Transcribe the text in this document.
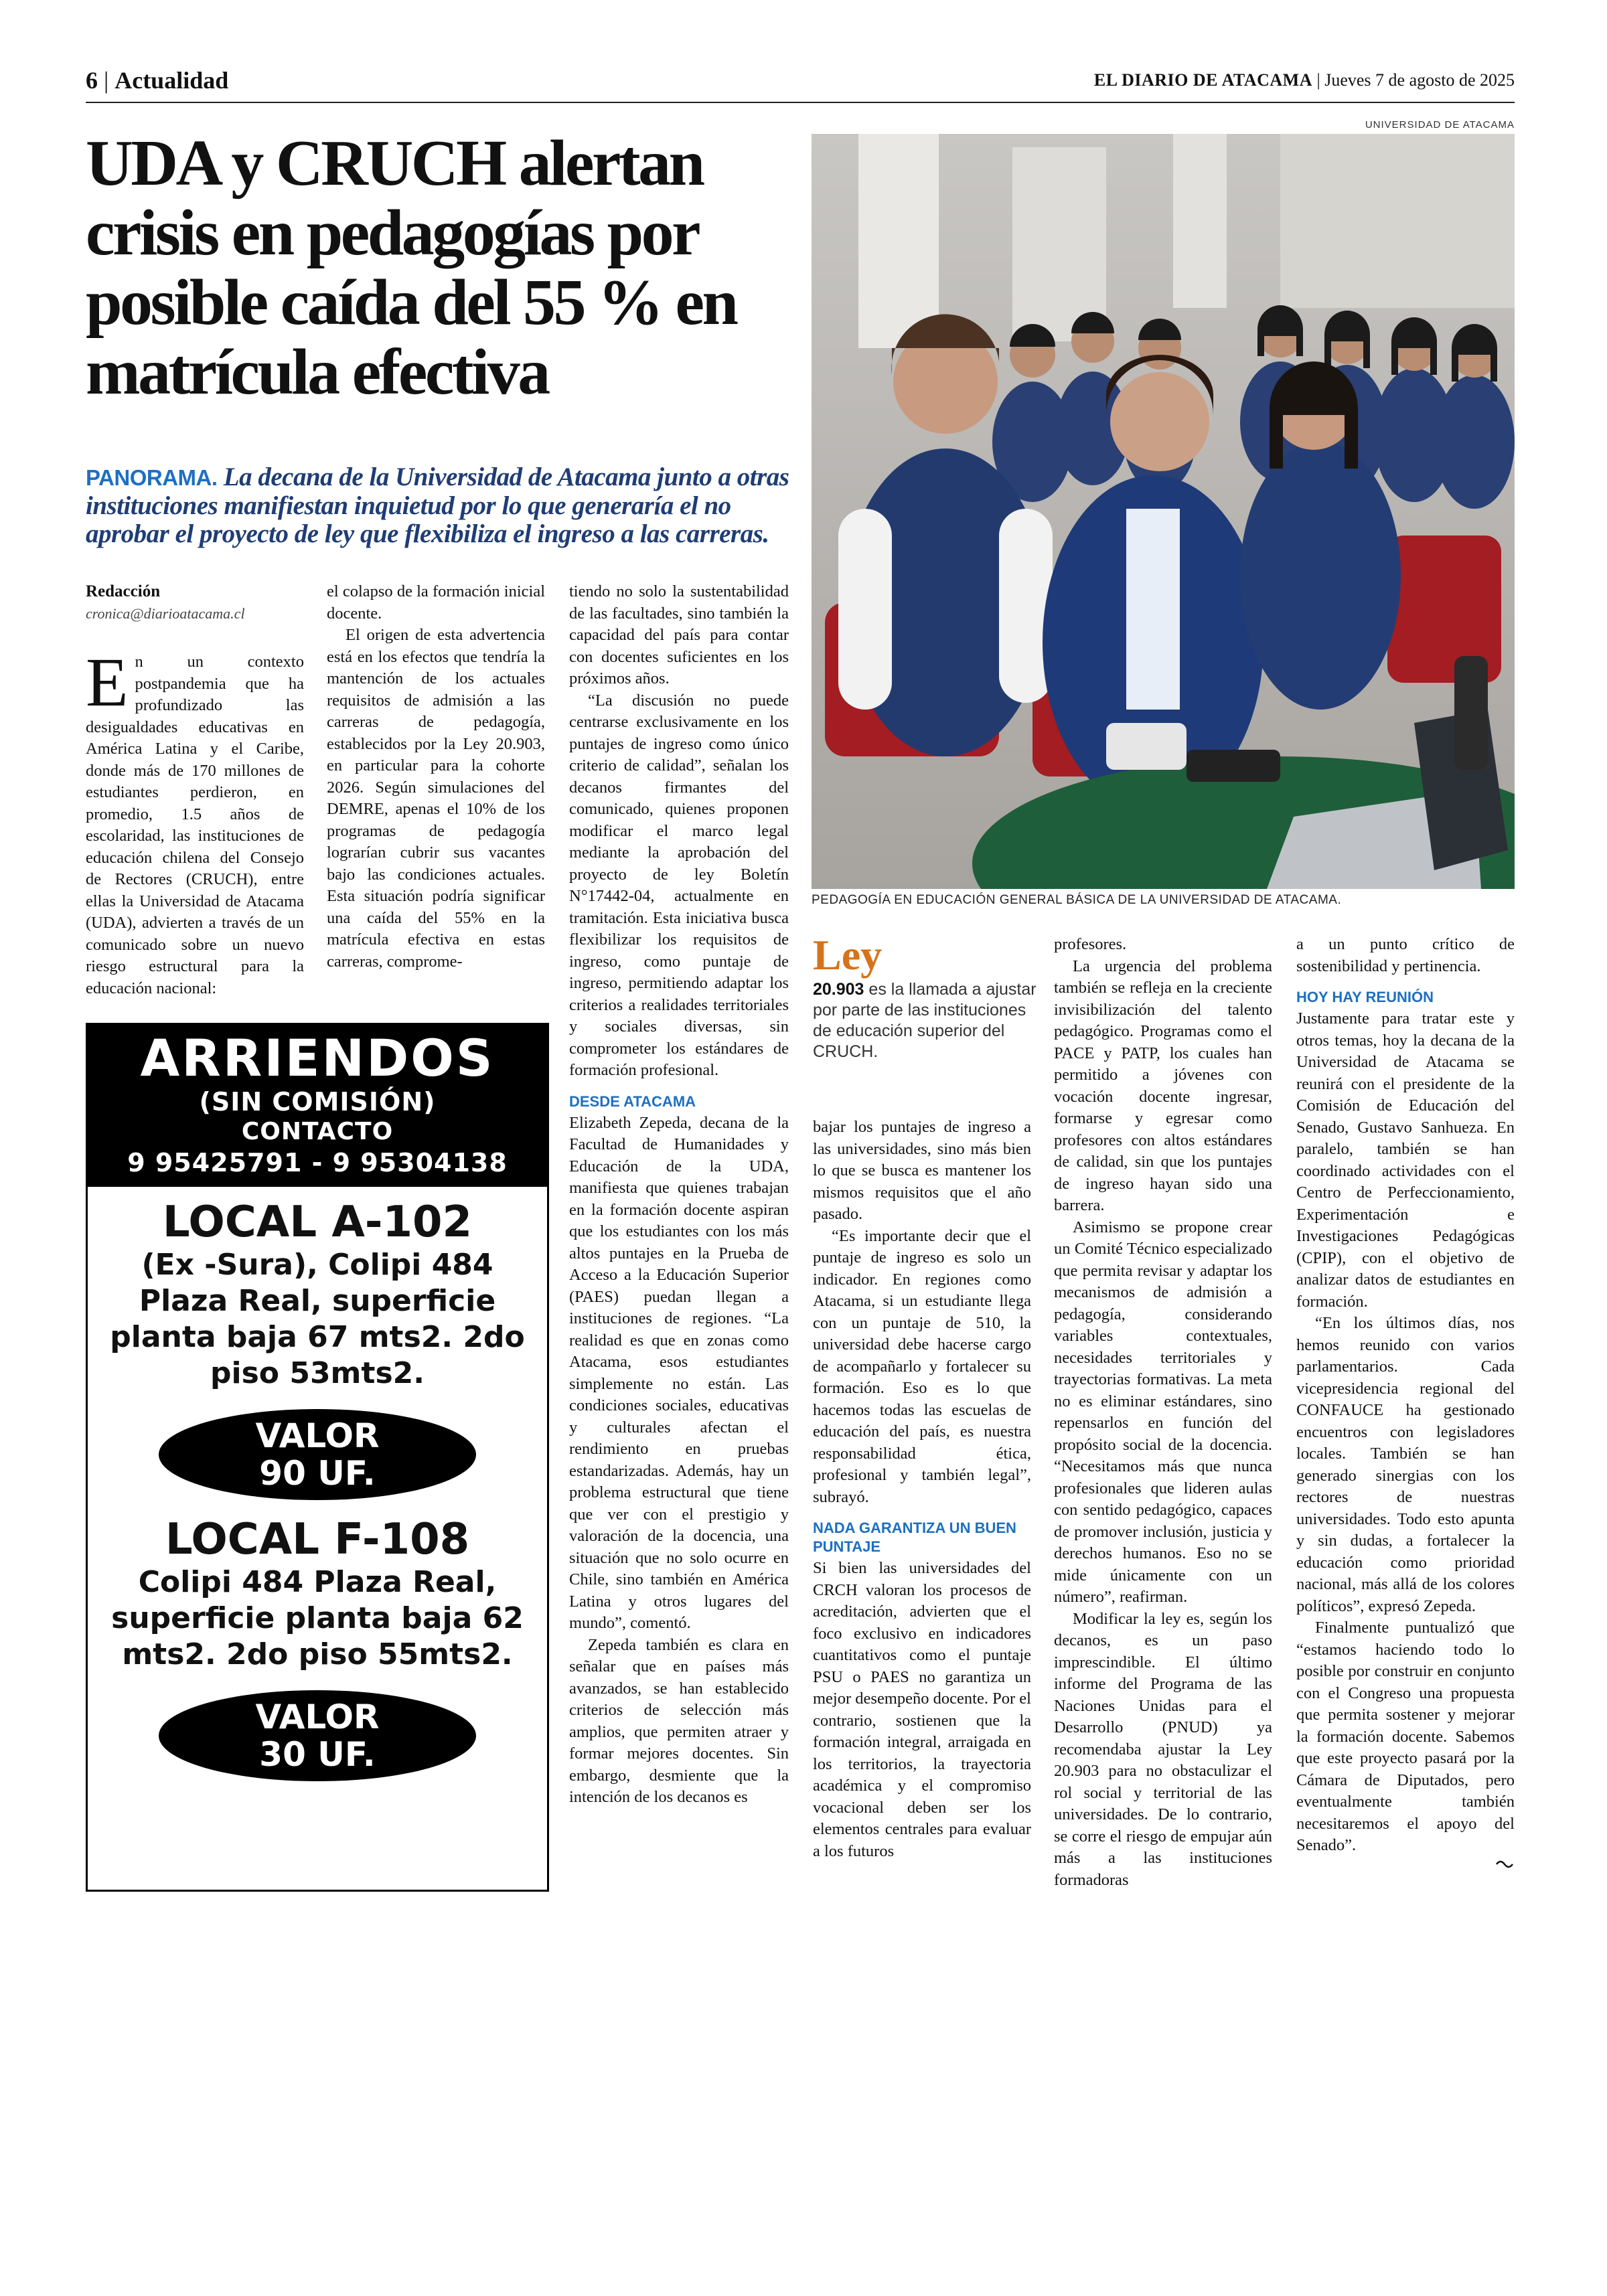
6 | Actualidad	EL DIARIO DE ATACAMA | Jueves 7 de agosto de 2025
UDA y CRUCH alertan crisis en pedagogías por posible caída del 55 % en matrícula efectiva
PANORAMA. La decana de la Universidad de Atacama junto a otras instituciones manifiestan inquietud por lo que generaría el no aprobar el proyecto de ley que flexibiliza el ingreso a las carreras.
UNIVERSIDAD DE ATACAMA
PEDAGOGÍA EN EDUCACIÓN GENERAL BÁSICA DE LA UNIVERSIDAD DE ATACAMA.
Redacción
cronica@diarioatacama.cl

En un contexto postpandemia que ha profundizado las desigualdades educativas en América Latina y el Caribe, donde más de 170 millones de estudiantes perdieron, en promedio, 1.5 años de escolaridad, las instituciones de educación chilena del Consejo de Rectores (CRUCH), entre ellas la Universidad de Atacama (UDA), advierten a través de un comunicado sobre un nuevo riesgo estructural para la educación nacional:

el colapso de la formación inicial docente.

El origen de esta advertencia está en los efectos que tendría la mantención de los actuales requisitos de admisión a las carreras de pedagogía, establecidos por la Ley 20.903, en particular para la cohorte 2026. Según simulaciones del DEMRE, apenas el 10% de los programas de pedagogía lograrían cubrir sus vacantes bajo las condiciones actuales. Esta situación podría significar una caída del 55% en la matrícula efectiva en estas carreras, comprome-

ARRIENDOS
(SIN COMISIÓN)
CONTACTO
9 95425791 - 9 95304138
LOCAL A-102
(Ex -Sura), Colipi 484 Plaza Real, superficie planta baja 67 mts2. 2do piso 53mts2.
VALOR
90 UF.
LOCAL F-108
Colipi 484 Plaza Real, superficie planta baja 62 mts2. 2do piso 55mts2.
VALOR
30 UF.

tiendo no solo la sustentabilidad de las facultades, sino también la capacidad del país para contar con docentes suficientes en los próximos años.

“La discusión no puede centrarse exclusivamente en los puntajes de ingreso como único criterio de calidad”, señalan los decanos firmantes del comunicado, quienes proponen modificar el marco legal mediante la aprobación del proyecto de ley Boletín N°17442-04, actualmente en tramitación. Esta iniciativa busca flexibilizar los requisitos de ingreso, como puntaje de ingreso, permitiendo adaptar los criterios a realidades territoriales y sociales diversas, sin comprometer los estándares de formación profesional.

DESDE ATACAMA

Elizabeth Zepeda, decana de la Facultad de Humanidades y Educación de la UDA, manifiesta que quienes trabajan en la formación docente aspiran que los estudiantes con los más altos puntajes en la Prueba de Acceso a la Educación Superior (PAES) puedan llegan a instituciones de regiones. “La realidad es que en zonas como Atacama, esos estudiantes simplemente no están. Las condiciones sociales, educativas y culturales afectan el rendimiento en pruebas estandarizadas. Además, hay un problema estructural que tiene que ver con el prestigio y valoración de la docencia, una situación que no solo ocurre en Chile, sino también en América Latina y otros lugares del mundo”, comentó.

Zepeda también es clara en señalar que en países más avanzados, se han establecido criterios de selección más amplios, que permiten atraer y formar mejores docentes. Sin embargo, desmiente que la intención de los decanos es

Ley
20.903 es la llamada a ajustar por parte de las instituciones de educación superior del CRUCH.

bajar los puntajes de ingreso a las universidades, sino más bien lo que se busca es mantener los mismos requisitos que el año pasado.

“Es importante decir que el puntaje de ingreso es solo un indicador. En regiones como Atacama, si un estudiante llega con un puntaje de 510, la universidad debe hacerse cargo de acompañarlo y fortalecer su formación. Eso es lo que hacemos todas las escuelas de educación del país, es nuestra responsabilidad ética, profesional y también legal”, subrayó.

NADA GARANTIZA UN BUEN PUNTAJE

Si bien las universidades del CRCH valoran los procesos de acreditación, advierten que el foco exclusivo en indicadores cuantitativos como el puntaje PSU o PAES no garantiza un mejor desempeño docente. Por el contrario, sostienen que la formación integral, arraigada en los territorios, la trayectoria académica y el compromiso vocacional deben ser los elementos centrales para evaluar a los futuros

profesores.

La urgencia del problema también se refleja en la creciente invisibilización del talento pedagógico. Programas como el PACE y PATP, los cuales han permitido a jóvenes con vocación docente ingresar, formarse y egresar como profesores con altos estándares de calidad, sin que los puntajes de ingreso hayan sido una barrera.

Asimismo se propone crear un Comité Técnico especializado que permita revisar y adaptar los mecanismos de admisión a pedagogía, considerando variables contextuales, necesidades territoriales y trayectorias formativas. La meta no es eliminar estándares, sino repensarlos en función del propósito social de la docencia. “Necesitamos más que nunca profesionales que lideren aulas con sentido pedagógico, capaces de promover inclusión, justicia y derechos humanos. Eso no se mide únicamente con un número”, reafirman.

Modificar la ley es, según los decanos, es un paso imprescindible. El último informe del Programa de las Naciones Unidas para el Desarrollo (PNUD) ya recomendaba ajustar la Ley 20.903 para no obstaculizar el rol social y territorial de las universidades. De lo contrario, se corre el riesgo de empujar aún más a las instituciones formadoras

a un punto crítico de sostenibilidad y pertinencia.

HOY HAY REUNIÓN

Justamente para tratar este y otros temas, hoy la decana de la Universidad de Atacama se reunirá con el presidente de la Comisión de Educación del Senado, Gustavo Sanhueza. En paralelo, también se han coordinado actividades con el Centro de Perfeccionamiento, Experimentación e Investigaciones Pedagógicas (CPIP), con el objetivo de analizar datos de estudiantes en formación.

“En los últimos días, nos hemos reunido con varios parlamentarios. Cada vicepresidencia regional del CONFAUCE ha gestionado encuentros con legisladores locales. También se han generado sinergias con los rectores de nuestras universidades. Todo esto apunta y sin dudas, a fortalecer la educación como prioridad nacional, más allá de los colores políticos”, expresó Zepeda.

Finalmente puntualizó que “estamos haciendo todo lo posible por construir en conjunto con el Congreso una propuesta que permita sostener y mejorar la formación docente. Sabemos que este proyecto pasará por la Cámara de Diputados, pero eventualmente también necesitaremos el apoyo del Senado”.
